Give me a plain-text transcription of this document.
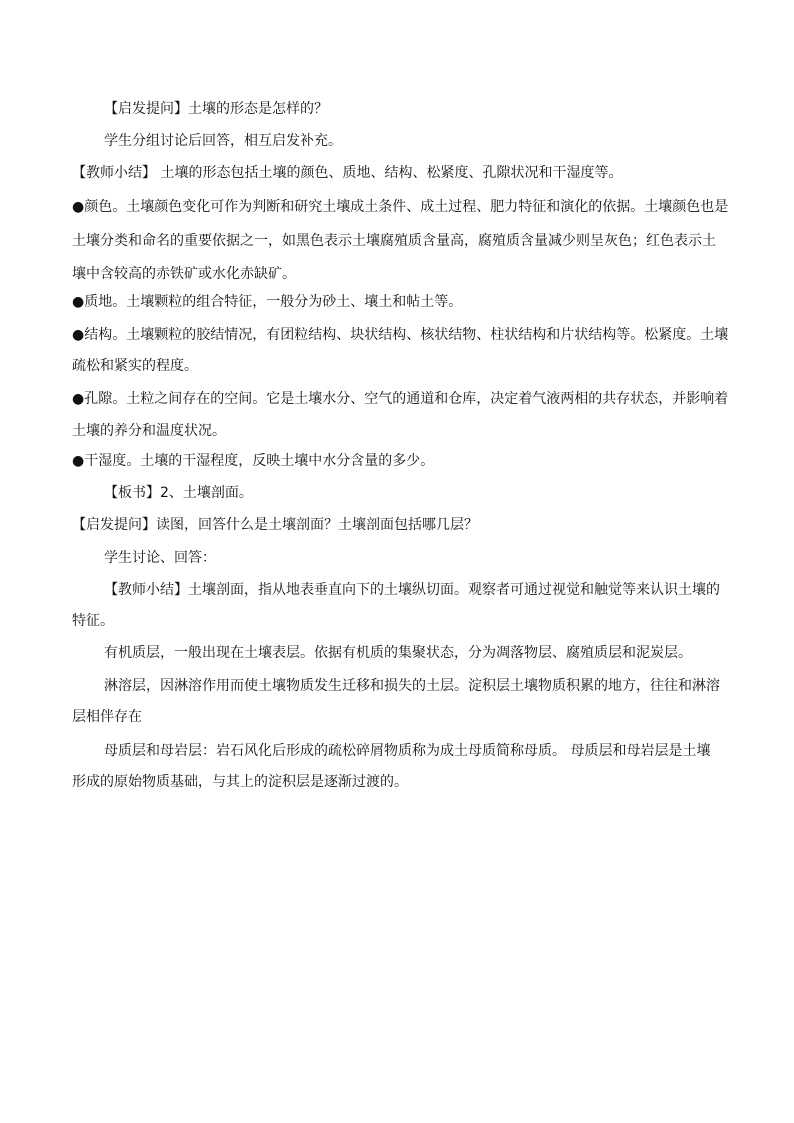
【启发提问】土壤的形态是怎样的？
学生分组讨论后回答，相互启发补充。
【教师小结】 土壤的形态包括土壤的颜色、质地、结构、松紧度、孔隙状况和干湿度等。
●颜色。土壤颜色变化可作为判断和研究土壤成土条件、成土过程、肥力特征和演化的依据。土壤颜色也是
土壤分类和命名的重要依据之一，如黑色表示土壤腐殖质含量高，腐殖质含量减少则呈灰色；红色表示土
壤中含较高的赤铁矿或水化赤缺矿。
●质地。土壤颗粒的组合特征，一般分为砂土、壤土和帖土等。
●结构。土壤颗粒的胶结情况，有团粒结构、块状结构、核状结物、柱状结构和片状结构等。松紧度。土壤
疏松和紧实的程度。
●孔隙。土粒之间存在的空间。它是土壤水分、空气的通道和仓库，决定着气液两相的共存状态，并影响着
土壤的养分和温度状况。
●干湿度。土壤的干湿程度，反映土壤中水分含量的多少。
【板书】2、土壤剖面。
【启发提问】读图，回答什么是土壤剖面？土壤剖面包括哪几层？
学生讨论、回答：
【教师小结】土壤剖面，指从地表垂直向下的土壤纵切面。观察者可通过视觉和触觉等来认识土壤的
特征。
有机质层，一般出现在土壤表层。依据有机质的集聚状态，分为凋落物层、腐殖质层和泥炭层。
淋溶层，因淋溶作用而使土壤物质发生迁移和损失的土层。淀积层土壤物质积累的地方，往往和淋溶
层相伴存在
母质层和母岩层：岩石风化后形成的疏松碎屑物质称为成土母质简称母质。 母质层和母岩层是土壤
形成的原始物质基础，与其上的淀积层是逐渐过渡的。
